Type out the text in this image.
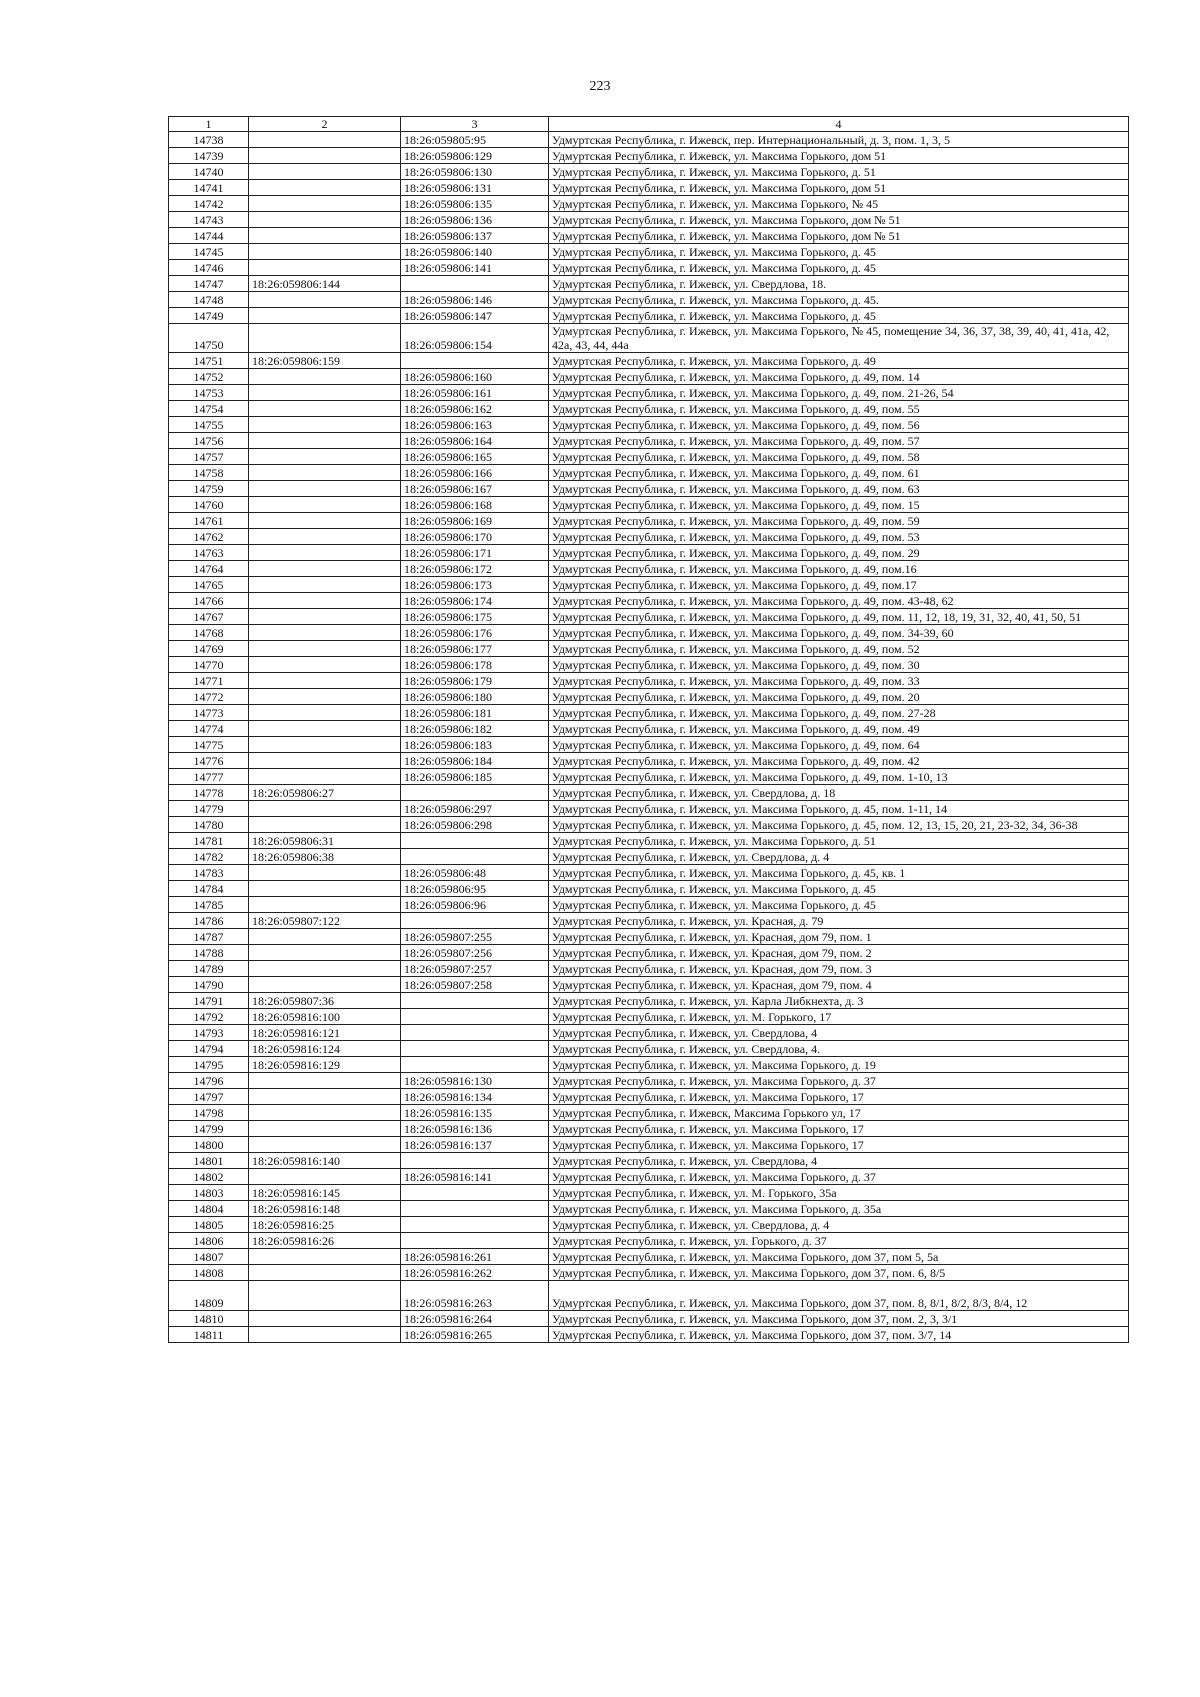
223
1	2	3	4
14738		18:26:059805:95	Удмуртская Республика, г. Ижевск, пер. Интернациональный, д. 3, пом. 1, 3, 5
14739		18:26:059806:129	Удмуртская Республика, г. Ижевск, ул. Максима Горького, дом 51
14740		18:26:059806:130	Удмуртская Республика, г. Ижевск, ул. Максима Горького, д. 51
14741		18:26:059806:131	Удмуртская Республика, г. Ижевск, ул. Максима Горького, дом 51
14742		18:26:059806:135	Удмуртская Республика, г. Ижевск, ул. Максима Горького, № 45
14743		18:26:059806:136	Удмуртская Республика, г. Ижевск, ул. Максима Горького, дом № 51
14744		18:26:059806:137	Удмуртская Республика, г. Ижевск, ул. Максима Горького, дом № 51
14745		18:26:059806:140	Удмуртская Республика, г. Ижевск, ул. Максима Горького, д. 45
14746		18:26:059806:141	Удмуртская Республика, г. Ижевск, ул. Максима Горького, д. 45
14747	18:26:059806:144		Удмуртская Республика, г. Ижевск, ул. Свердлова, 18.
14748		18:26:059806:146	Удмуртская Республика, г. Ижевск, ул. Максима Горького, д. 45.
14749		18:26:059806:147	Удмуртская Республика, г. Ижевск, ул. Максима Горького, д. 45
14750		18:26:059806:154	Удмуртская Республика, г. Ижевск, ул. Максима Горького, № 45, помещение 34, 36, 37, 38, 39, 40, 41, 41а, 42, 42а, 43, 44, 44а
14751	18:26:059806:159		Удмуртская Республика, г. Ижевск, ул. Максима Горького, д. 49
14752		18:26:059806:160	Удмуртская Республика, г. Ижевск, ул. Максима Горького, д. 49, пом. 14
14753		18:26:059806:161	Удмуртская Республика, г. Ижевск, ул. Максима Горького, д. 49, пом. 21-26, 54
14754		18:26:059806:162	Удмуртская Республика, г. Ижевск, ул. Максима Горького, д. 49, пом. 55
14755		18:26:059806:163	Удмуртская Республика, г. Ижевск, ул. Максима Горького, д. 49, пом. 56
14756		18:26:059806:164	Удмуртская Республика, г. Ижевск, ул. Максима Горького, д. 49, пом. 57
14757		18:26:059806:165	Удмуртская Республика, г. Ижевск, ул. Максима Горького, д. 49, пом. 58
14758		18:26:059806:166	Удмуртская Республика, г. Ижевск, ул. Максима Горького, д. 49, пом. 61
14759		18:26:059806:167	Удмуртская Республика, г. Ижевск, ул. Максима Горького, д. 49, пом. 63
14760		18:26:059806:168	Удмуртская Республика, г. Ижевск, ул. Максима Горького, д. 49, пом. 15
14761		18:26:059806:169	Удмуртская Республика, г. Ижевск, ул. Максима Горького, д. 49, пом. 59
14762		18:26:059806:170	Удмуртская Республика, г. Ижевск, ул. Максима Горького, д. 49, пом. 53
14763		18:26:059806:171	Удмуртская Республика, г. Ижевск, ул. Максима Горького, д. 49, пом. 29
14764		18:26:059806:172	Удмуртская Республика, г. Ижевск, ул. Максима Горького, д. 49, пом.16
14765		18:26:059806:173	Удмуртская Республика, г. Ижевск, ул. Максима Горького, д. 49, пом.17
14766		18:26:059806:174	Удмуртская Республика, г. Ижевск, ул. Максима Горького, д. 49, пом. 43-48, 62
14767		18:26:059806:175	Удмуртская Республика, г. Ижевск, ул. Максима Горького, д. 49, пом. 11, 12, 18, 19, 31, 32, 40, 41, 50, 51
14768		18:26:059806:176	Удмуртская Республика, г. Ижевск, ул. Максима Горького, д. 49, пом. 34-39, 60
14769		18:26:059806:177	Удмуртская Республика, г. Ижевск, ул. Максима Горького, д. 49, пом. 52
14770		18:26:059806:178	Удмуртская Республика, г. Ижевск, ул. Максима Горького, д. 49, пом. 30
14771		18:26:059806:179	Удмуртская Республика, г. Ижевск, ул. Максима Горького, д. 49, пом. 33
14772		18:26:059806:180	Удмуртская Республика, г. Ижевск, ул. Максима Горького, д. 49, пом. 20
14773		18:26:059806:181	Удмуртская Республика, г. Ижевск, ул. Максима Горького, д. 49, пом. 27-28
14774		18:26:059806:182	Удмуртская Республика, г. Ижевск, ул. Максима Горького, д. 49, пом. 49
14775		18:26:059806:183	Удмуртская Республика, г. Ижевск, ул. Максима Горького, д. 49, пом. 64
14776		18:26:059806:184	Удмуртская Республика, г. Ижевск, ул. Максима Горького, д. 49, пом. 42
14777		18:26:059806:185	Удмуртская Республика, г. Ижевск, ул. Максима Горького, д. 49, пом. 1-10, 13
14778	18:26:059806:27		Удмуртская Республика, г. Ижевск, ул. Свердлова, д. 18
14779		18:26:059806:297	Удмуртская Республика, г. Ижевск, ул. Максима Горького, д. 45, пом. 1-11, 14
14780		18:26:059806:298	Удмуртская Республика, г. Ижевск, ул. Максима Горького, д. 45, пом. 12, 13, 15, 20, 21, 23-32, 34, 36-38
14781	18:26:059806:31		Удмуртская Республика, г. Ижевск, ул. Максима Горького, д. 51
14782	18:26:059806:38		Удмуртская Республика, г. Ижевск, ул. Свердлова, д. 4
14783		18:26:059806:48	Удмуртская Республика, г. Ижевск, ул. Максима Горького, д. 45, кв. 1
14784		18:26:059806:95	Удмуртская Республика, г. Ижевск, ул. Максима Горького, д. 45
14785		18:26:059806:96	Удмуртская Республика, г. Ижевск, ул. Максима Горького, д. 45
14786	18:26:059807:122		Удмуртская Республика, г. Ижевск, ул. Красная, д. 79
14787		18:26:059807:255	Удмуртская Республика, г. Ижевск, ул. Красная, дом 79, пом. 1
14788		18:26:059807:256	Удмуртская Республика, г. Ижевск, ул. Красная, дом 79, пом. 2
14789		18:26:059807:257	Удмуртская Республика, г. Ижевск, ул. Красная, дом 79, пом. 3
14790		18:26:059807:258	Удмуртская Республика, г. Ижевск, ул. Красная, дом 79, пом. 4
14791	18:26:059807:36		Удмуртская Республика, г. Ижевск, ул. Карла Либкнехта, д. 3
14792	18:26:059816:100		Удмуртская Республика, г. Ижевск, ул. М. Горького, 17
14793	18:26:059816:121		Удмуртская Республика, г. Ижевск, ул. Свердлова, 4
14794	18:26:059816:124		Удмуртская Республика, г. Ижевск, ул. Свердлова, 4.
14795	18:26:059816:129		Удмуртская Республика, г. Ижевск, ул. Максима Горького, д. 19
14796		18:26:059816:130	Удмуртская Республика, г. Ижевск, ул. Максима Горького, д. 37
14797		18:26:059816:134	Удмуртская Республика, г. Ижевск, ул. Максима Горького, 17
14798		18:26:059816:135	Удмуртская Республика, г. Ижевск, Максима Горького ул, 17
14799		18:26:059816:136	Удмуртская Республика, г. Ижевск, ул. Максима Горького, 17
14800		18:26:059816:137	Удмуртская Республика, г. Ижевск, ул. Максима Горького, 17
14801	18:26:059816:140		Удмуртская Республика, г. Ижевск, ул. Свердлова, 4
14802		18:26:059816:141	Удмуртская Республика, г. Ижевск, ул. Максима Горького, д. 37
14803	18:26:059816:145		Удмуртская Республика, г. Ижевск, ул. М. Горького, 35а
14804	18:26:059816:148		Удмуртская Республика, г. Ижевск, ул. Максима Горького, д. 35а
14805	18:26:059816:25		Удмуртская Республика, г. Ижевск, ул. Свердлова, д. 4
14806	18:26:059816:26		Удмуртская Республика, г. Ижевск, ул. Горького, д. 37
14807		18:26:059816:261	Удмуртская Республика, г. Ижевск, ул. Максима Горького, дом 37, пом 5, 5а
14808		18:26:059816:262	Удмуртская Республика, г. Ижевск, ул. Максима Горького, дом 37, пом. 6, 8/5
14809		18:26:059816:263	Удмуртская Республика, г. Ижевск, ул. Максима Горького, дом 37, пом. 8, 8/1, 8/2, 8/3, 8/4, 12
14810		18:26:059816:264	Удмуртская Республика, г. Ижевск, ул. Максима Горького, дом 37, пом. 2, 3, 3/1
14811		18:26:059816:265	Удмуртская Республика, г. Ижевск, ул. Максима Горького, дом 37, пом. 3/7, 14
